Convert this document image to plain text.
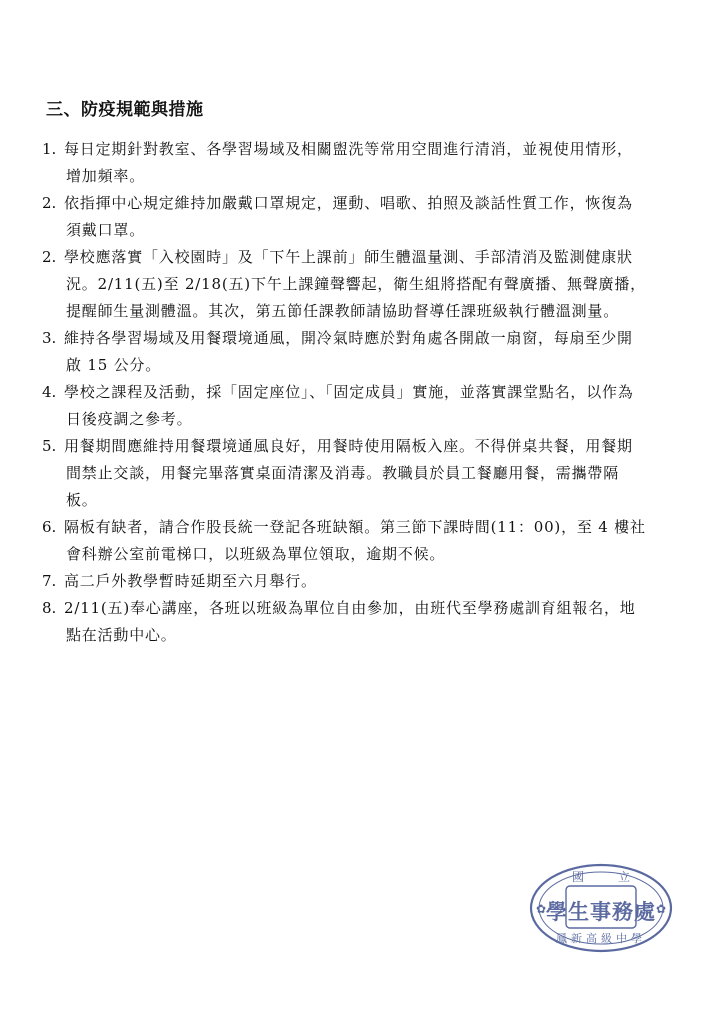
三、防疫規範與措施
1. 每日定期針對教室、各學習場域及相關盥洗等常用空間進行清消，並視使用情形，
增加頻率。
2. 依指揮中心規定維持加嚴戴口罩規定，運動、唱歌、拍照及談話性質工作，恢復為
須戴口罩。
2. 學校應落實「入校園時」及「下午上課前」師生體溫量測、手部清消及監測健康狀
況。2/11(五)至 2/18(五)下午上課鐘聲響起，衛生組將搭配有聲廣播、無聲廣播，
提醒師生量測體溫。其次，第五節任課教師請協助督導任課班級執行體溫測量。
3. 維持各學習場域及用餐環境通風，開冷氣時應於對角處各開啟一扇窗，每扇至少開
啟 15 公分。
4. 學校之課程及活動，採「固定座位」、「固定成員」實施，並落實課堂點名，以作為
日後疫調之參考。
5. 用餐期間應維持用餐環境通風良好，用餐時使用隔板入座。不得併桌共餐，用餐期
間禁止交談，用餐完畢落實桌面清潔及消毒。教職員於員工餐廳用餐，需攜帶隔
板。
6. 隔板有缺者，請合作股長統一登記各班缺額。第三節下課時間(11：00)，至 4 樓社
會科辦公室前電梯口，以班級為單位領取，逾期不候。
7. 高二戶外教學暫時延期至六月舉行。
8. 2/11(五)奉心講座，各班以班級為單位自由參加，由班代至學務處訓育組報名，地
點在活動中心。
✿	✿
國立
學生事務處
鳳新高級中學
